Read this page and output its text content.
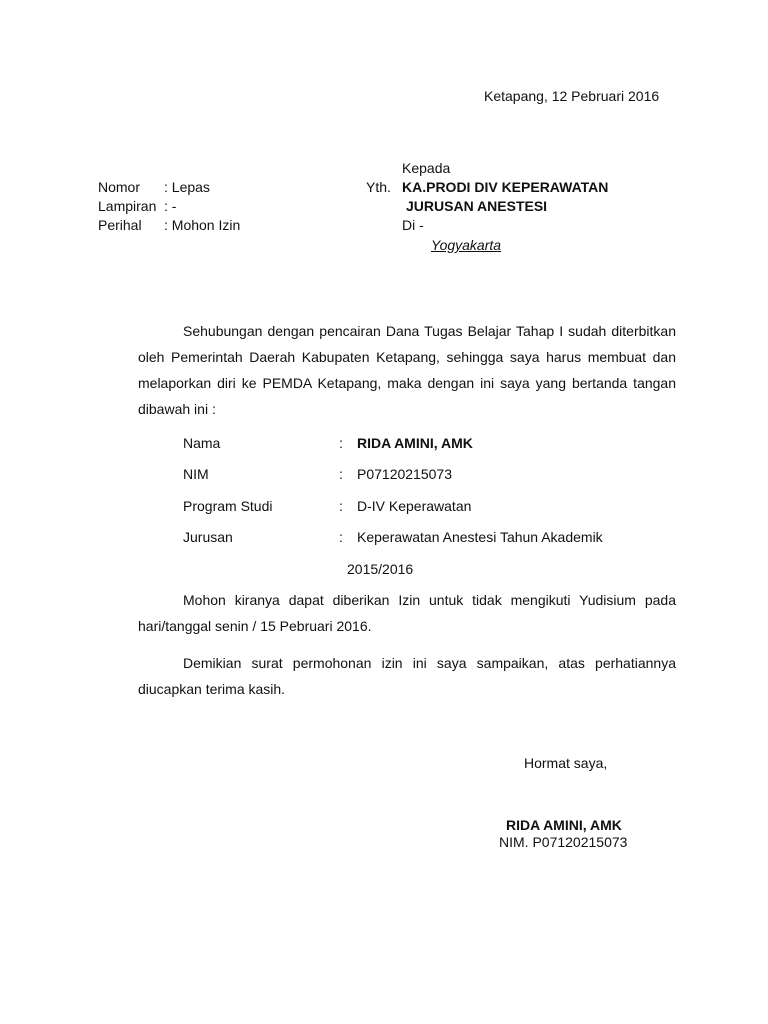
Ketapang, 12 Pebruari 2016
Nomor : Lepas
Lampiran : -
Perihal : Mohon Izin
Kepada
Yth. KA.PRODI DIV KEPERAWATAN
JURUSAN ANESTESI
Di -
Yogyakarta
Sehubungan dengan pencairan Dana Tugas Belajar Tahap I sudah diterbitkan oleh Pemerintah Daerah Kabupaten Ketapang, sehingga saya harus membuat dan melaporkan diri ke PEMDA Ketapang, maka dengan ini saya yang bertanda tangan dibawah ini :
Nama	: RIDA AMINI, AMK
NIM	: P07120215073
Program Studi	: D-IV Keperawatan
Jurusan	: Keperawatan Anestesi Tahun Akademik
2015/2016
Mohon kiranya dapat diberikan Izin untuk tidak mengikuti Yudisium pada hari/tanggal senin / 15 Pebruari 2016.
Demikian surat permohonan izin ini saya sampaikan, atas perhatiannya diucapkan terima kasih.
Hormat saya,
RIDA AMINI, AMK
NIM. P07120215073
